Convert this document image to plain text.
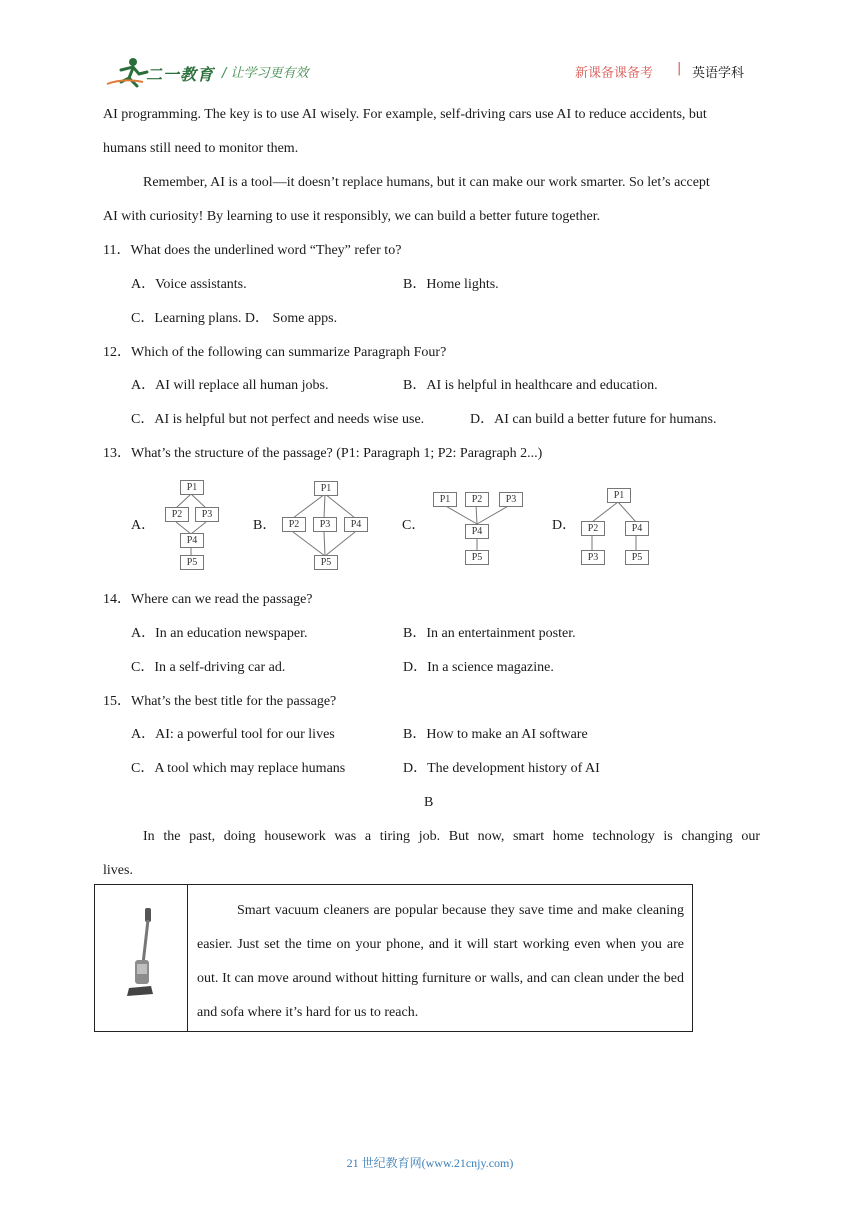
二一教育 / 让学习更有效	新课备课备考 | 英语学科
AI programming. The key is to use AI wisely. For example, self-driving cars use AI to reduce accidents, but
humans still need to monitor them.
Remember, AI is a tool—it doesn’t replace humans, but it can make our work smarter. So let’s accept
AI with curiosity! By learning to use it responsibly, we can build a better future together.
11．What does the underlined word “They” refer to?
A．Voice assistants.	B．Home lights.
C．Learning plans. D． Some apps.
12．Which of the following can summarize Paragraph Four?
A．AI will replace all human jobs.	B．AI is helpful in healthcare and education.
C．AI is helpful but not perfect and needs wise use.	D．AI can build a better future for humans.
13．What’s the structure of the passage? (P1: Paragraph 1; P2: Paragraph 2...)
A．	B．	C．	D．
P1
P2	P3
P4
P5
P1
P2	P3	P4
P5
P1	P2	P3
P4
P5
P1
P2	P4
P3	P5
14．Where can we read the passage?
A．In an education newspaper.	B．In an entertainment poster.
C．In a self-driving car ad.	D．In a science magazine.
15．What’s the best title for the passage?
A．AI: a powerful tool for our lives	B．How to make an AI software
C．A tool which may replace humans	D．The development history of AI
B
In the past, doing housework was a tiring job. But now, smart home technology is changing our
lives.

Smart vacuum cleaners are popular because they save time and make cleaning easier. Just set the time on your phone, and it will start working even when you are out. It can move around without hitting furniture or walls, and can clean under the bed and sofa where it’s hard for us to reach.
21 世纪教育网(www.21cnjy.com)
